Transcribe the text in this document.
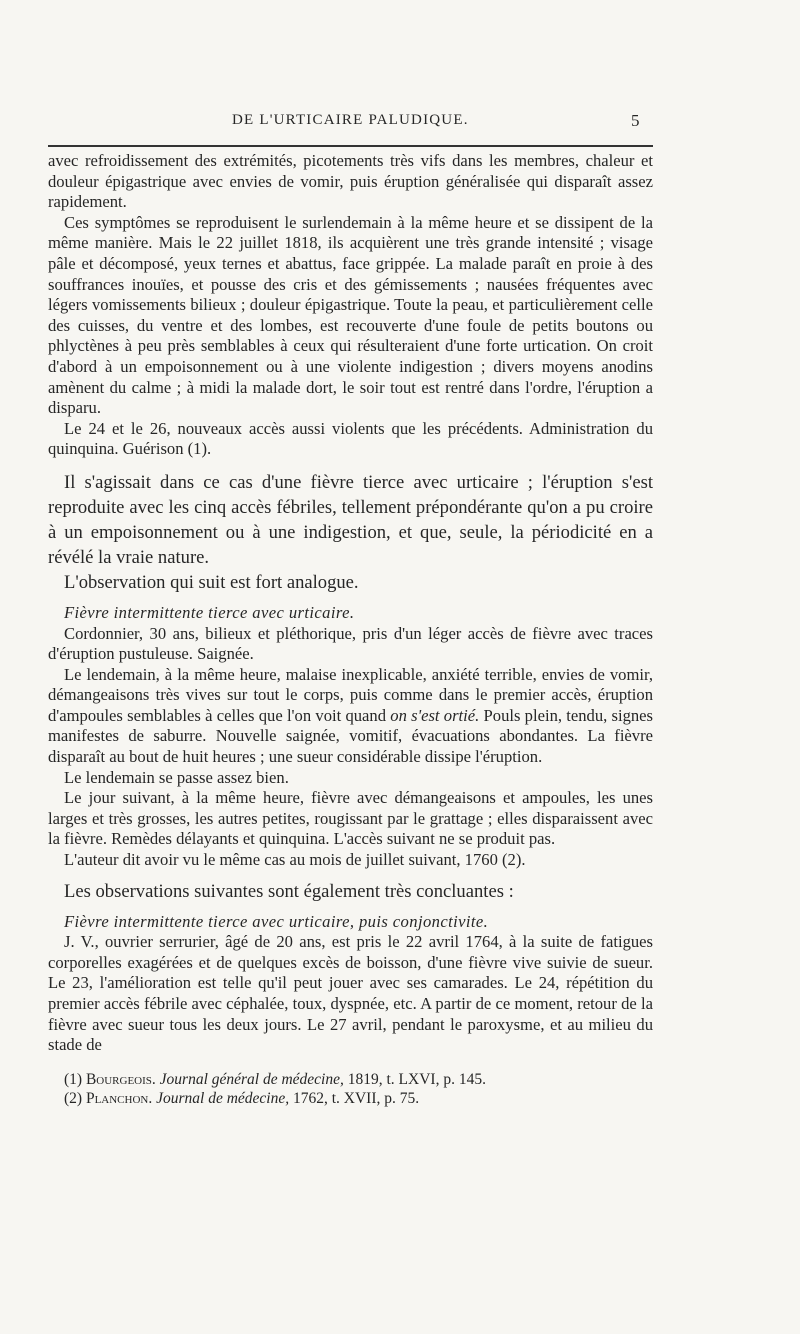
DE L'URTICAIRE PALUDIQUE.	5

avec refroidissement des extrémités, picotements très vifs dans les membres, chaleur et douleur épigastrique avec envies de vomir, puis éruption généralisée qui disparaît assez rapidement.

Ces symptômes se reproduisent le surlendemain à la même heure et se dissipent de la même manière. Mais le 22 juillet 1818, ils acquièrent une très grande intensité ; visage pâle et décomposé, yeux ternes et abattus, face grippée. La malade paraît en proie à des souffrances inouïes, et pousse des cris et des gémissements ; nausées fréquentes avec légers vomissements bilieux ; douleur épigastrique. Toute la peau, et particulièrement celle des cuisses, du ventre et des lombes, est recouverte d'une foule de petits boutons ou phlyctènes à peu près semblables à ceux qui résulteraient d'une forte urtication. On croit d'abord à un empoisonnement ou à une violente indigestion ; divers moyens anodins amènent du calme ; à midi la malade dort, le soir tout est rentré dans l'ordre, l'éruption a disparu.

Le 24 et le 26, nouveaux accès aussi violents que les précédents. Administration du quinquina. Guérison (1).

Il s'agissait dans ce cas d'une fièvre tierce avec urticaire ; l'éruption s'est reproduite avec les cinq accès fébriles, tellement prépondérante qu'on a pu croire à un empoisonnement ou à une indigestion, et que, seule, la périodicité en a révélé la vraie nature.

L'observation qui suit est fort analogue.

Fièvre intermittente tierce avec urticaire.

Cordonnier, 30 ans, bilieux et pléthorique, pris d'un léger accès de fièvre avec traces d'éruption pustuleuse. Saignée.

Le lendemain, à la même heure, malaise inexplicable, anxiété terrible, envies de vomir, démangeaisons très vives sur tout le corps, puis comme dans le premier accès, éruption d'ampoules semblables à celles que l'on voit quand on s'est ortié. Pouls plein, tendu, signes manifestes de saburre. Nouvelle saignée, vomitif, évacuations abondantes. La fièvre disparaît au bout de huit heures ; une sueur considérable dissipe l'éruption.

Le lendemain se passe assez bien.

Le jour suivant, à la même heure, fièvre avec démangeaisons et ampoules, les unes larges et très grosses, les autres petites, rougissant par le grattage ; elles disparaissent avec la fièvre. Remèdes délayants et quinquina. L'accès suivant ne se produit pas.

L'auteur dit avoir vu le même cas au mois de juillet suivant, 1760 (2).

Les observations suivantes sont également très concluantes :

Fièvre intermittente tierce avec urticaire, puis conjonctivite.

J. V., ouvrier serrurier, âgé de 20 ans, est pris le 22 avril 1764, à la suite de fatigues corporelles exagérées et de quelques excès de boisson, d'une fièvre vive suivie de sueur. Le 23, l'amélioration est telle qu'il peut jouer avec ses camarades. Le 24, répétition du premier accès fébrile avec céphalée, toux, dyspnée, etc. A partir de ce moment, retour de la fièvre avec sueur tous les deux jours. Le 27 avril, pendant le paroxysme, et au milieu du stade de

(1) Bourgeois. Journal général de médecine, 1819, t. LXVI, p. 145.

(2) Planchon. Journal de médecine, 1762, t. XVII, p. 75.
